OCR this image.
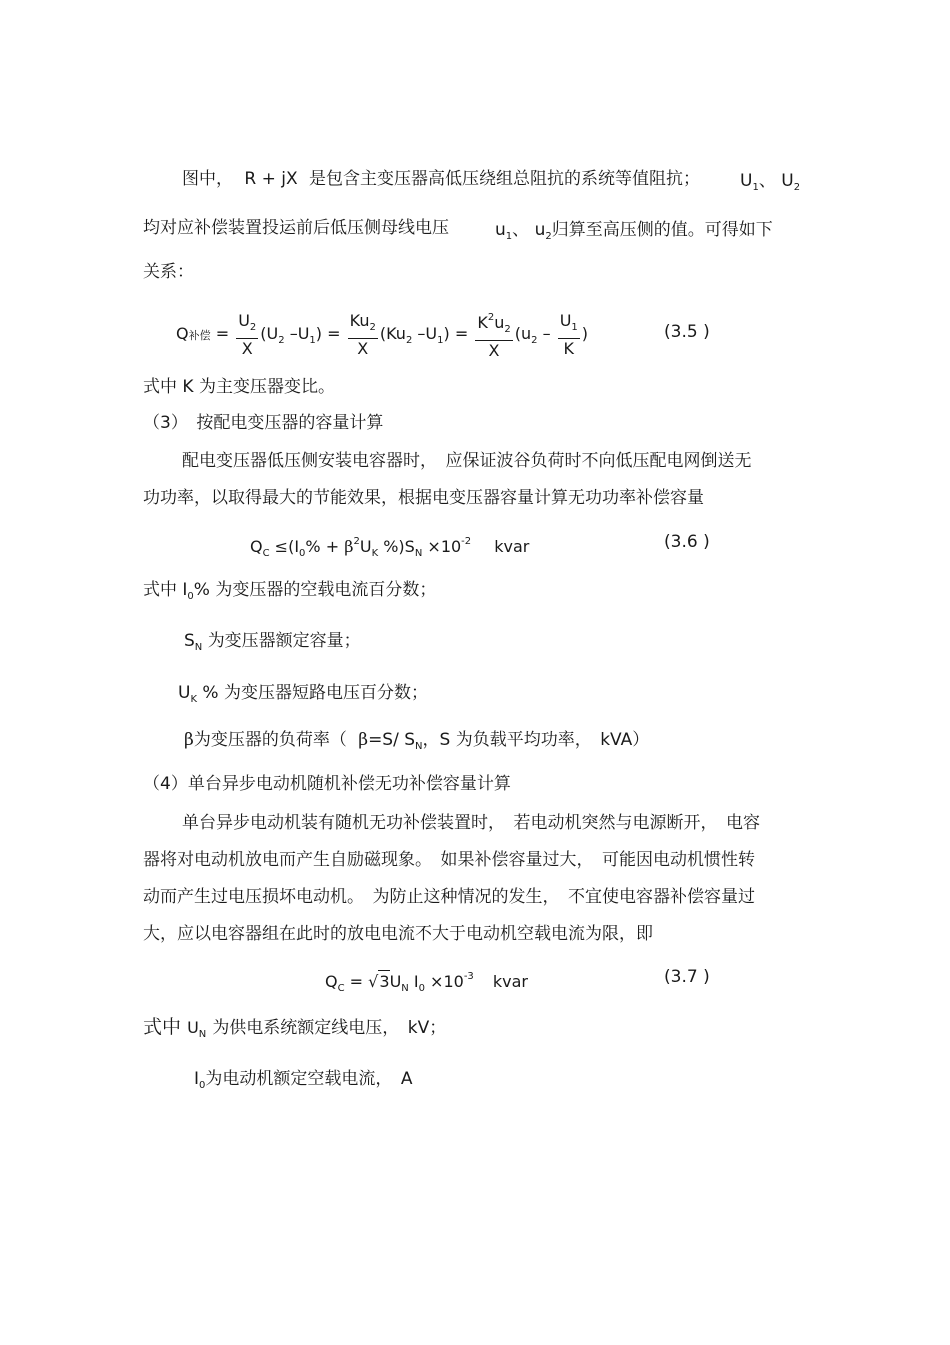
图中， R + jX 是包含主变压器高低压绕组总阻抗的系统等值阻抗； $U_1$、 $U_2$
均对应补偿装置投运前后低压侧母线电压	$u_1$、 $u_2$归算至高压侧的值。可得如下
关系：
Q补偿 = $\frac{U_2}{X} (U_2$ $-U_1) = \frac{Ku_2}{X} (Ku_2$ $-U_1) = \frac{K^2u_2}{X} (u_2 - \frac{U_1}{K}$ )	(3.5 )
式中 K 为主变压器变比。
（3）　按配电变压器的容量计算
配电变压器低压侧安装电容器时，　应保证波谷负荷时不向低压配电网倒送无
功功率，以取得最大的节能效果，根据电变压器容量计算无功功率补偿容量
$Q_C \le(I_0\% + \beta^2U_K$ $\%)S_N \times 10^{-2}$ kvar	(3.6 )
式中 $I_0\%$ 为变压器的空载电流百分数；
$S_N$ 为变压器额定容量；
$U_K$ % 为变压器短路电压百分数；
β为变压器的负荷率（ β=S/ $S_N$，S 为负载平均功率，　kVA）
（4）单台异步电动机随机补偿无功补偿容量计算
单台异步电动机装有随机无功补偿装置时，　若电动机突然与电源断开，　电容
器将对电动机放电而产生自励磁现象。　如果补偿容量过大，　可能因电动机惯性转
动而产生过电压损坏电动机。　为防止这种情况的发生，　不宜使电容器补偿容量过
大，应以电容器组在此时的放电电流不大于电动机空载电流为限，即
$Q_C = √3U_N$ $I_0 \times 10^{-3}$ kvar	(3.7 )
式中 $U_N$ 为供电系统额定线电压，　kV；
$I_0$为电动机额定空载电流，　A
